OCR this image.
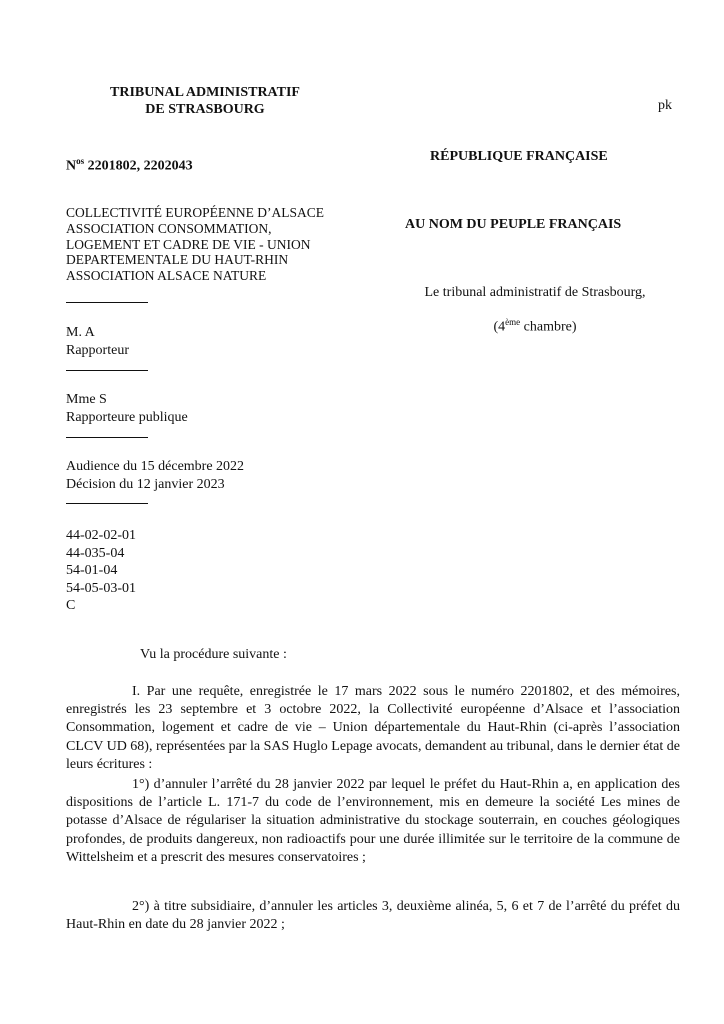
TRIBUNAL ADMINISTRATIF
DE STRASBOURG	pk
$N^{os}$ 2201802, 2202043
RÉPUBLIQUE FRANÇAISE
AU NOM DU PEUPLE FRANÇAIS
COLLECTIVITÉ EUROPÉENNE D’ALSACE
ASSOCIATION CONSOMMATION,
LOGEMENT ET CADRE DE VIE - UNION
DEPARTEMENTALE DU HAUT-RHIN
ASSOCIATION ALSACE NATURE
Le tribunal administratif de Strasbourg,
(4ème chambre)
M. A
Rapporteur
Mme S
Rapporteure publique
Audience du 15 décembre 2022
Décision du 12 janvier 2023
44-02-02-01
44-035-04
54-01-04
54-05-03-01
C
Vu la procédure suivante :
I. Par une requête, enregistrée le 17 mars 2022 sous le numéro 2201802, et des mémoires, enregistrés les 23 septembre et 3 octobre 2022, la Collectivité européenne d’Alsace et l’association Consommation, logement et cadre de vie – Union départementale du Haut-Rhin (ci-après l’association CLCV UD 68), représentées par la SAS Huglo Lepage avocats, demandent au tribunal, dans le dernier état de leurs écritures :
1°) d’annuler l’arrêté du 28 janvier 2022 par lequel le préfet du Haut-Rhin a, en application des dispositions de l’article L. 171-7 du code de l’environnement, mis en demeure la société Les mines de potasse d’Alsace de régulariser la situation administrative du stockage souterrain, en couches géologiques profondes, de produits dangereux, non radioactifs pour une durée illimitée sur le territoire de la commune de Wittelsheim et a prescrit des mesures conservatoires ;
2°) à titre subsidiaire, d’annuler les articles 3, deuxième alinéa, 5, 6 et 7 de l’arrêté du préfet du Haut-Rhin en date du 28 janvier 2022 ;
